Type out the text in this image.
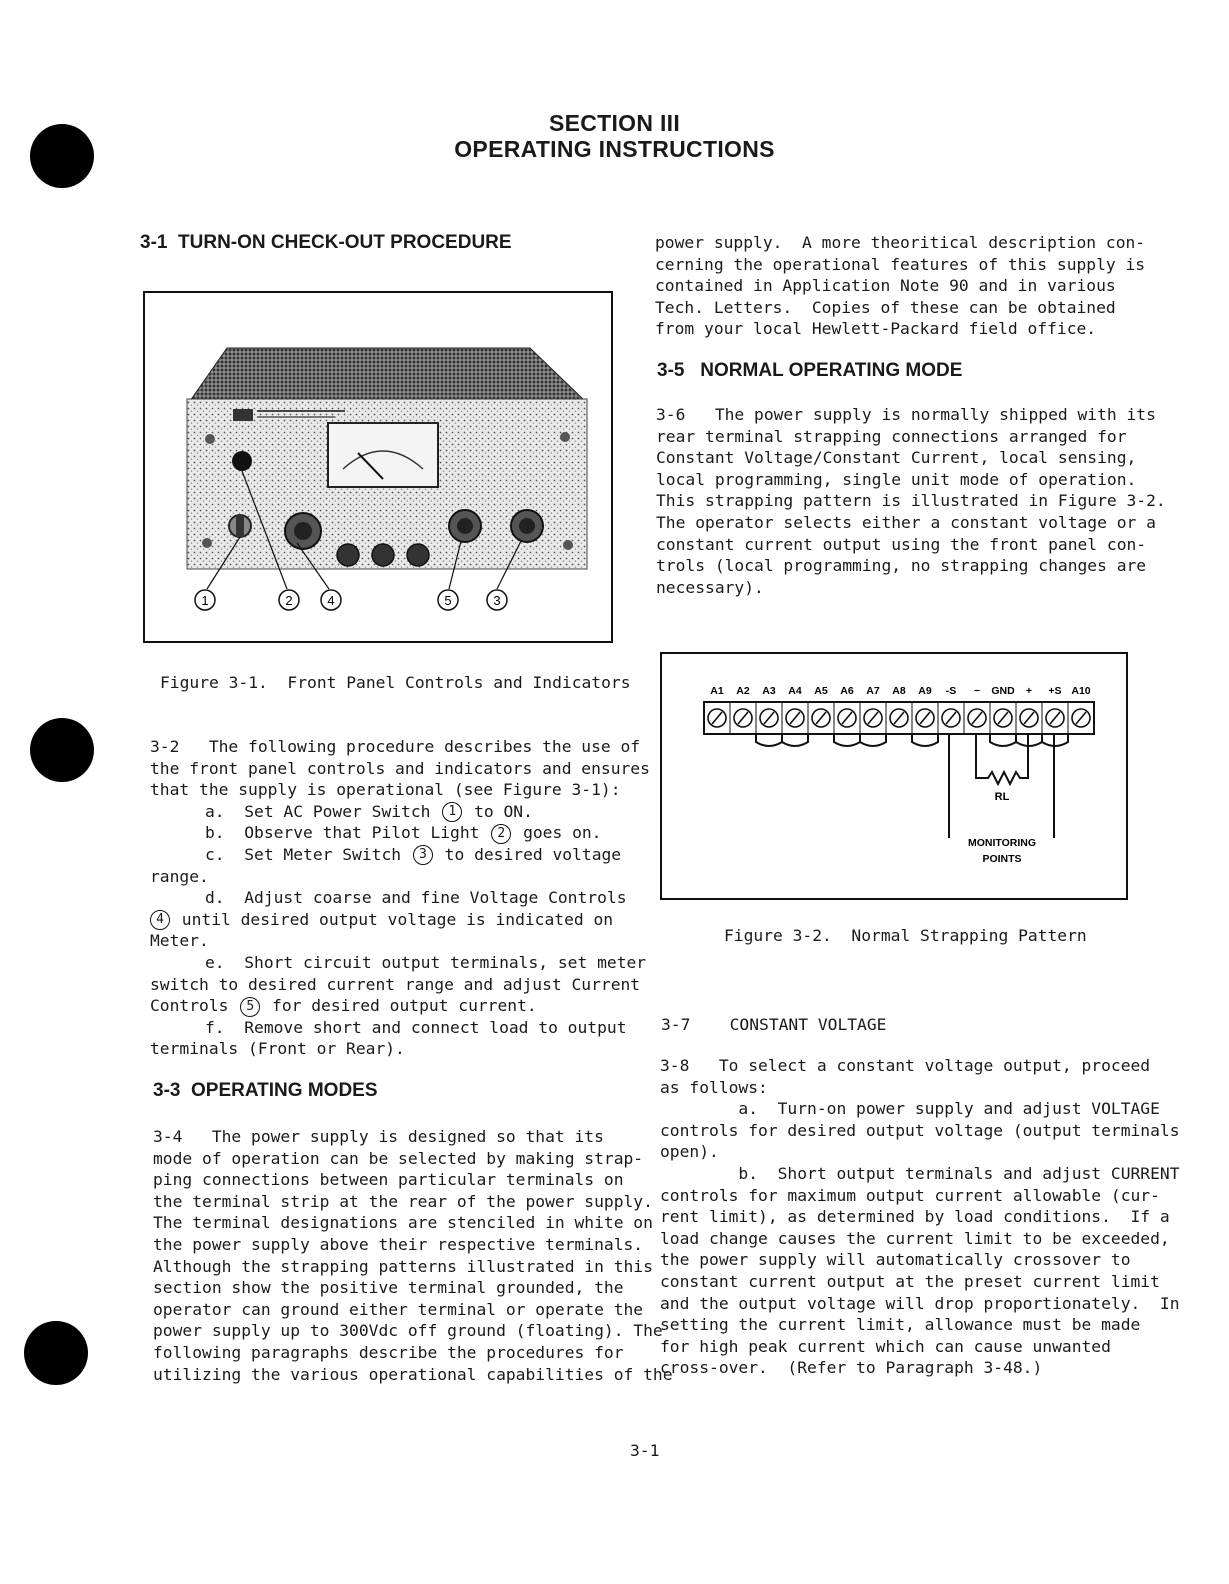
SECTION III
OPERATING INSTRUCTIONS
3-1  TURN-ON CHECK-OUT PROCEDURE
1	2	4	5	3
Figure 3-1.  Front Panel Controls and Indicators

3-2   The following procedure describes the use of

the front panel controls and indicators and ensures

that the supply is operational (see Figure 3-1):

a.  Set AC Power Switch 1 to ON.

b.  Observe that Pilot Light 2 goes on.

c.  Set Meter Switch 3 to desired voltage

range.

d.  Adjust coarse and fine Voltage Controls

4 until desired output voltage is indicated on

Meter.

e.  Short circuit output terminals, set meter

switch to desired current range and adjust Current

Controls 5 for desired output current.

f.  Remove short and connect load to output

terminals (Front or Rear).

3-3  OPERATING MODES

3-4   The power supply is designed so that its

mode of operation can be selected by making strap-

ping connections between particular terminals on

the terminal strip at the rear of the power supply.

The terminal designations are stenciled in white on

the power supply above their respective terminals.

Although the strapping patterns illustrated in this

section show the positive terminal grounded, the

operator can ground either terminal or operate the

power supply up to 300Vdc off ground (floating). The

following paragraphs describe the procedures for

utilizing the various operational capabilities of the

power supply.  A more theoritical description con-

cerning the operational features of this supply is

contained in Application Note 90 and in various

Tech. Letters.  Copies of these can be obtained

from your local Hewlett-Packard field office.

3-5   NORMAL OPERATING MODE

3-6   The power supply is normally shipped with its

rear terminal strapping connections arranged for

Constant Voltage/Constant Current, local sensing,

local programming, single unit mode of operation.

This strapping pattern is illustrated in Figure 3-2.

The operator selects either a constant voltage or a

constant current output using the front panel con-

trols (local programming, no strapping changes are

necessary).

A1 A2 A3 A4 A5 A6 A7 A8 A9 -S − GND + +S A10
RL
MONITORING
POINTS
Figure 3-2.  Normal Strapping Pattern
3-7    CONSTANT VOLTAGE

3-8   To select a constant voltage output, proceed

as follows:

a.  Turn-on power supply and adjust VOLTAGE

controls for desired output voltage (output terminals

open).

b.  Short output terminals and adjust CURRENT

controls for maximum output current allowable (cur-

rent limit), as determined by load conditions.  If a

load change causes the current limit to be exceeded,

the power supply will automatically crossover to

constant current output at the preset current limit

and the output voltage will drop proportionately.  In

setting the current limit, allowance must be made

for high peak current which can cause unwanted

cross-over.  (Refer to Paragraph 3-48.)

3-1
